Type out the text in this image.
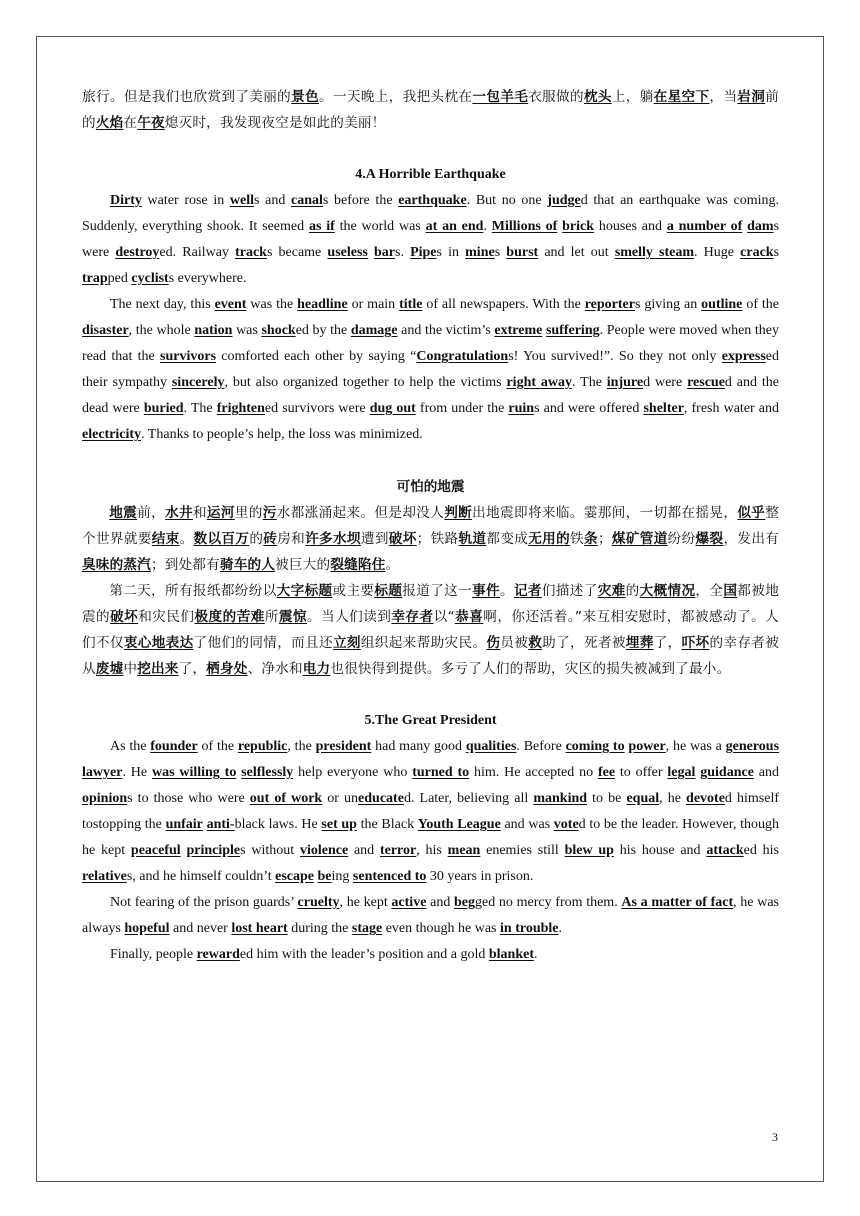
旅行。但是我们也欣赏到了美丽的景色。一天晚上，我把头枕在一包羊毛衣服做的枕头上，躺在星空下，当岩洞前的火焰在午夜熄灭时，我发现夜空是如此的美丽！

4.A Horrible Earthquake

Dirty water rose in wells and canals before the earthquake. But no one judged that an earthquake was coming. Suddenly, everything shook. It seemed as if the world was at an end. Millions of brick houses and a number of dams were destroyed. Railway tracks became useless bars. Pipes in mines burst and let out smelly steam. Huge cracks trapped cyclists everywhere.

The next day, this event was the headline or main title of all newspapers. With the reporters giving an outline of the disaster, the whole nation was shocked by the damage and the victim’s extreme suffering. People were moved when they read that the survivors comforted each other by saying “Congratulations! You survived!”. So they not only expressed their sympathy sincerely, but also organized together to help the victims right away. The injured were rescued and the dead were buried. The frightened survivors were dug out from under the ruins and were offered shelter, fresh water and electricity. Thanks to people’s help, the loss was minimized.

可怕的地震

地震前，水井和运河里的污水都涨涌起来。但是却没人判断出地震即将来临。霎那间，一切都在摇晃，似乎整个世界就要结束。数以百万的砖房和许多水坝遭到破坏；铁路轨道都变成无用的铁条；煤矿管道纷纷爆裂，发出有臭味的蒸汽；到处都有骑车的人被巨大的裂缝陷住。

第二天，所有报纸都纷纷以大字标题或主要标题报道了这一事件。记者们描述了灾难的大概情况，全国都被地震的破坏和灾民们极度的苦难所震惊。当人们读到幸存者以“恭喜啊，你还活着。”来互相安慰时，都被感动了。人们不仅衷心地表达了他们的同情，而且还立刻组织起来帮助灾民。伤员被救助了，死者被埋葬了，吓坏的幸存者被从废墟中挖出来了，栖身处、净水和电力也很快得到提供。多亏了人们的帮助，灾区的损失被减到了最小。

5.The Great President

As the founder of the republic, the president had many good qualities. Before coming to power, he was a generous lawyer. He was willing to selflessly help everyone who turned to him. He accepted no fee to offer legal guidance and opinions to those who were out of work or uneducated. Later, believing all mankind to be equal, he devoted himself tostopping the unfair anti-black laws. He set up the Black Youth League and was voted to be the leader. However, though he kept peaceful principles without violence and terror, his mean enemies still blew up his house and attacked his relatives, and he himself couldn’t escape being sentenced to 30 years in prison.

Not fearing of the prison guards’ cruelty, he kept active and begged no mercy from them. As a matter of fact, he was always hopeful and never lost heart during the stage even though he was in trouble.

Finally, people rewarded him with the leader’s position and a gold blanket.

3
